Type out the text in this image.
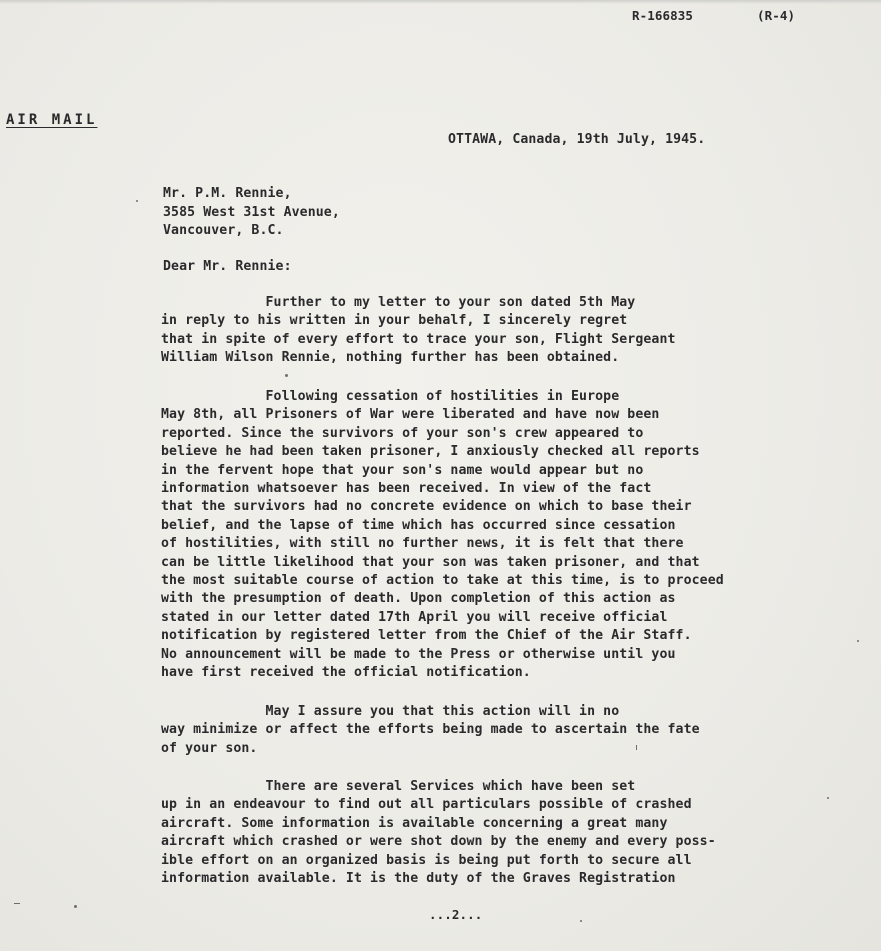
R-166835	(R-4)
AIR MAIL
OTTAWA, Canada, 19th July, 1945.
Mr. P.M. Rennie,
3585 West 31st Avenue,
Vancouver, B.C.
Dear Mr. Rennie:
Further to my letter to your son dated 5th May
in reply to his written in your behalf, I sincerely regret
that in spite of every effort to trace your son, Flight Sergeant
William Wilson Rennie, nothing further has been obtained.
Following cessation of hostilities in Europe
May 8th, all Prisoners of War were liberated and have now been
reported. Since the survivors of your son's crew appeared to
believe he had been taken prisoner, I anxiously checked all reports
in the fervent hope that your son's name would appear but no
information whatsoever has been received. In view of the fact
that the survivors had no concrete evidence on which to base their
belief, and the lapse of time which has occurred since cessation
of hostilities, with still no further news, it is felt that there
can be little likelihood that your son was taken prisoner, and that
the most suitable course of action to take at this time, is to proceed
with the presumption of death. Upon completion of this action as
stated in our letter dated 17th April you will receive official
notification by registered letter from the Chief of the Air Staff.
No announcement will be made to the Press or otherwise until you
have first received the official notification.
May I assure you that this action will in no
way minimize or affect the efforts being made to ascertain the fate
of your son.
There are several Services which have been set
up in an endeavour to find out all particulars possible of crashed
aircraft. Some information is available concerning a great many
aircraft which crashed or were shot down by the enemy and every poss-
ible effort on an organized basis is being put forth to secure all
information available. It is the duty of the Graves Registration
...2...
